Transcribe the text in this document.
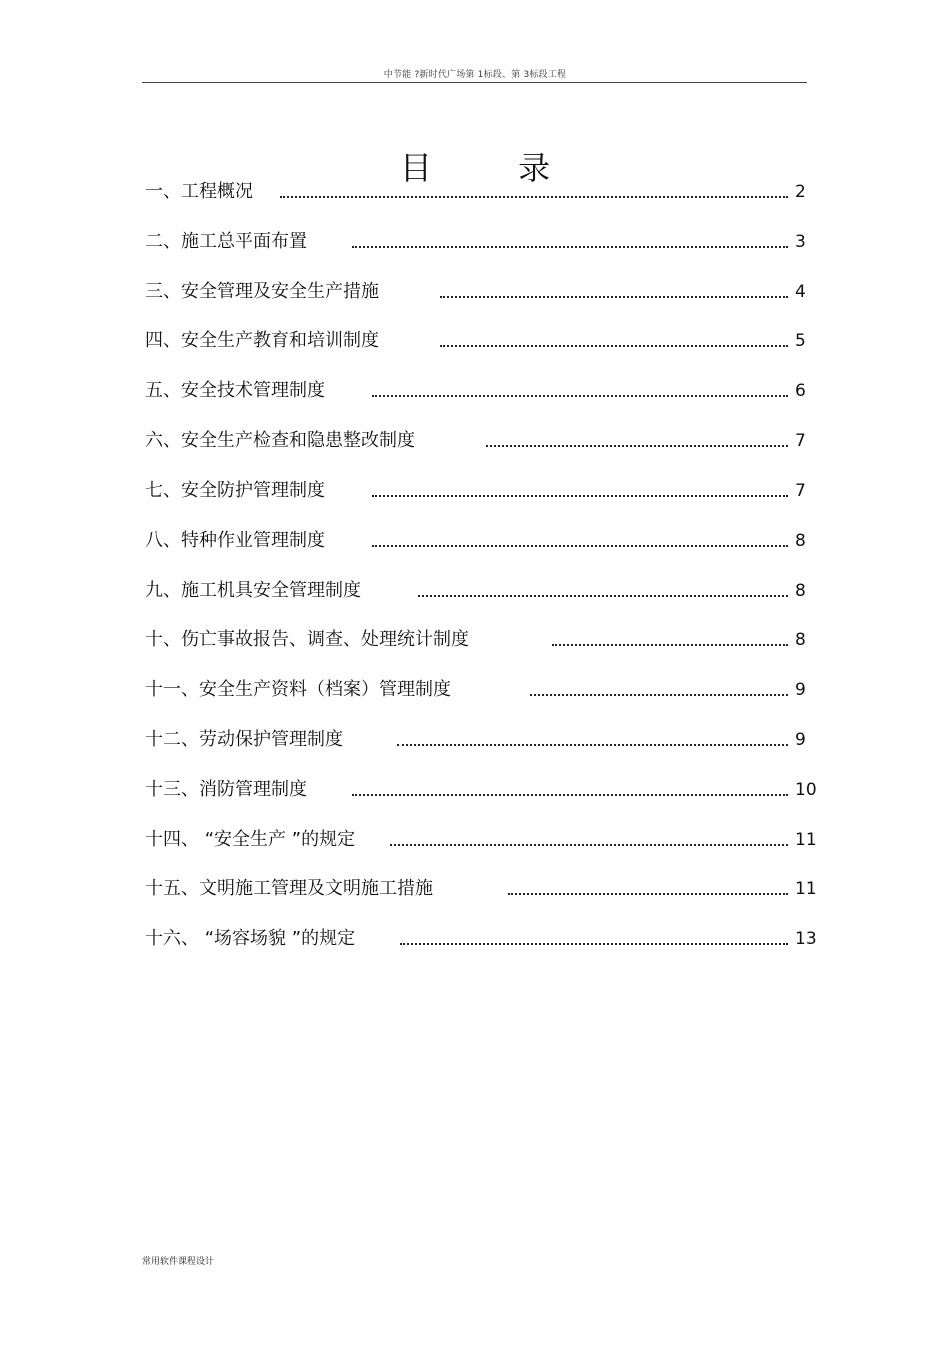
中节能 ?新时代广场第 1标段、第 3标段工程
目 录
一、工程概况	2
二、施工总平面布置	3
三、安全管理及安全生产措施	4
四、安全生产教育和培训制度	5
五、安全技术管理制度	6
六、安全生产检查和隐患整改制度	7
七、安全防护管理制度	7
八、特种作业管理制度	8
九、施工机具安全管理制度	8
十、伤亡事故报告、调查、处理统计制度	8
十一、安全生产资料（档案）管理制度	9
十二、劳动保护管理制度	9
十三、消防管理制度	10
十四、 “安全生产 ”的规定	11
十五、文明施工管理及文明施工措施	11
十六、 “场容场貌 ”的规定	13
常用软件课程设计
